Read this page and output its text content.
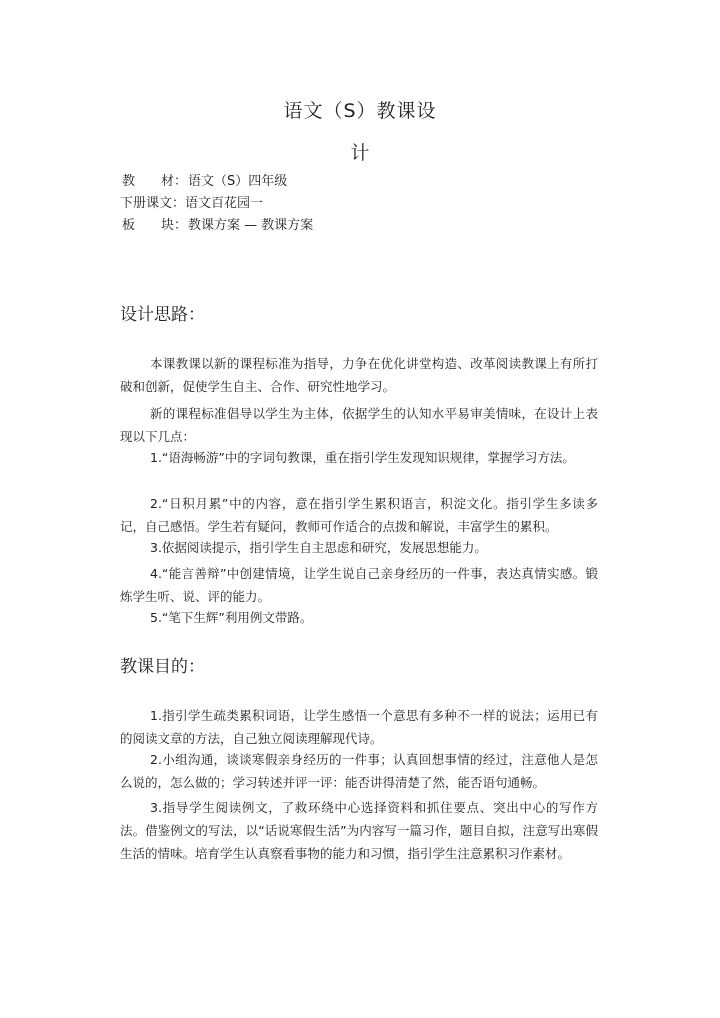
语文（S）教课设
计
教　　材：语文（S）四年级
下册课文：语文百花园一
板　　块：教课方案 — 教课方案
设计思路：
本课教课以新的课程标准为指导，力争在优化讲堂构造、改革阅读教课上有所打破和创新，促使学生自主、合作、研究性地学习。
新的课程标准倡导以学生为主体，依据学生的认知水平易审美情味，在设计上表现以下几点：
1.“语海畅游”中的字词句教课，重在指引学生发现知识规律，掌握学习方法。
2.“日积月累”中的内容，意在指引学生累积语言，积淀文化。指引学生多读多记，自己感悟。学生若有疑问，教师可作适合的点拨和解说，丰富学生的累积。
3.依据阅读提示，指引学生自主思虑和研究，发展思想能力。
4.“能言善辩”中创建情境，让学生说自己亲身经历的一件事，表达真情实感。锻炼学生听、说、评的能力。
5.“笔下生辉”利用例文带路。
教课目的：
1.指引学生疏类累积词语，让学生感悟一个意思有多种不一样的说法；运用已有的阅读文章的方法，自己独立阅读理解现代诗。
2.小组沟通，谈谈寒假亲身经历的一件事；认真回想事情的经过，注意他人是怎么说的，怎么做的；学习转述并评一评：能否讲得清楚了然，能否语句通畅。
3.指导学生阅读例文，了救环绕中心选择资料和抓住要点、突出中心的写作方法。借鉴例文的写法，以“话说寒假生活”为内容写一篇习作，题目自拟，注意写出寒假生活的情味。培育学生认真察看事物的能力和习惯，指引学生注意累积习作素材。
